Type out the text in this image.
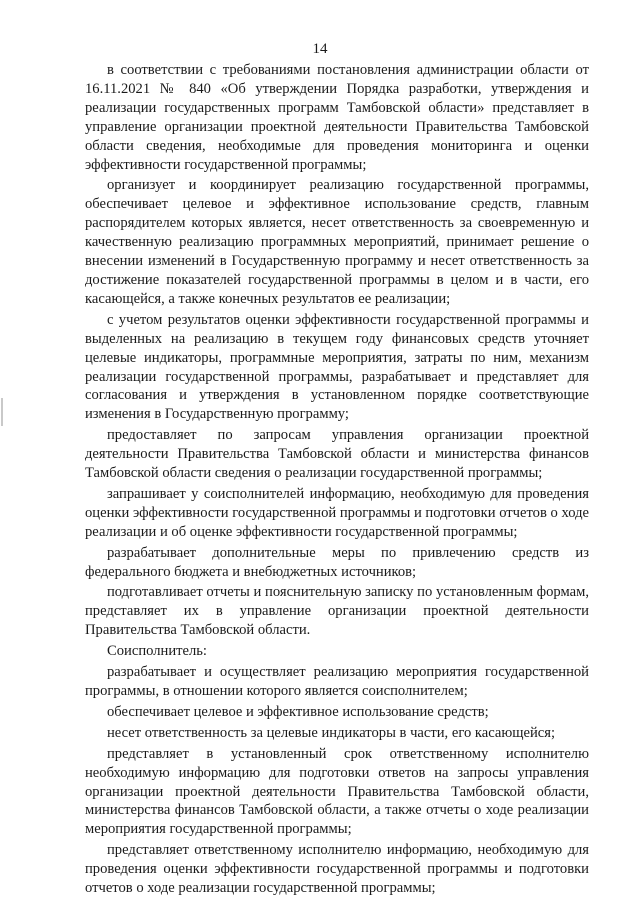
14

в соответствии с требованиями постановления администрации области от 16.11.2021 № 840 «Об утверждении Порядка разработки, утверждения и реализации государственных программ Тамбовской области» представляет в управление организации проектной деятельности Правительства Тамбовской области сведения, необходимые для проведения мониторинга и оценки эффективности государственной программы;

организует и координирует реализацию государственной программы, обеспечивает целевое и эффективное использование средств, главным распорядителем которых является, несет ответственность за своевременную и качественную реализацию программных мероприятий, принимает решение о внесении изменений в Государственную программу и несет ответственность за достижение показателей государственной программы в целом и в части, его касающейся, а также конечных результатов ее реализации;

с учетом результатов оценки эффективности государственной программы и выделенных на реализацию в текущем году финансовых средств уточняет целевые индикаторы, программные мероприятия, затраты по ним, механизм реализации государственной программы, разрабатывает и представляет для согласования и утверждения в установленном порядке соответствующие изменения в Государственную программу;

предоставляет по запросам управления организации проектной деятельности Правительства Тамбовской области и министерства финансов Тамбовской области сведения о реализации государственной программы;

запрашивает у соисполнителей информацию, необходимую для проведения оценки эффективности государственной программы и подготовки отчетов о ходе реализации и об оценке эффективности государственной программы;

разрабатывает дополнительные меры по привлечению средств из федерального бюджета и внебюджетных источников;

подготавливает отчеты и пояснительную записку по установленным формам, представляет их в управление организации проектной деятельности Правительства Тамбовской области.

Соисполнитель:

разрабатывает и осуществляет реализацию мероприятия государственной программы, в отношении которого является соисполнителем;

обеспечивает целевое и эффективное использование средств;

несет ответственность за целевые индикаторы в части, его касающейся;

представляет в установленный срок ответственному исполнителю необходимую информацию для подготовки ответов на запросы управления организации проектной деятельности Правительства Тамбовской области, министерства финансов Тамбовской области, а также отчеты о ходе реализации мероприятия государственной программы;

представляет ответственному исполнителю информацию, необходимую для проведения оценки эффективности государственной программы и подготовки отчетов о ходе реализации государственной программы;
